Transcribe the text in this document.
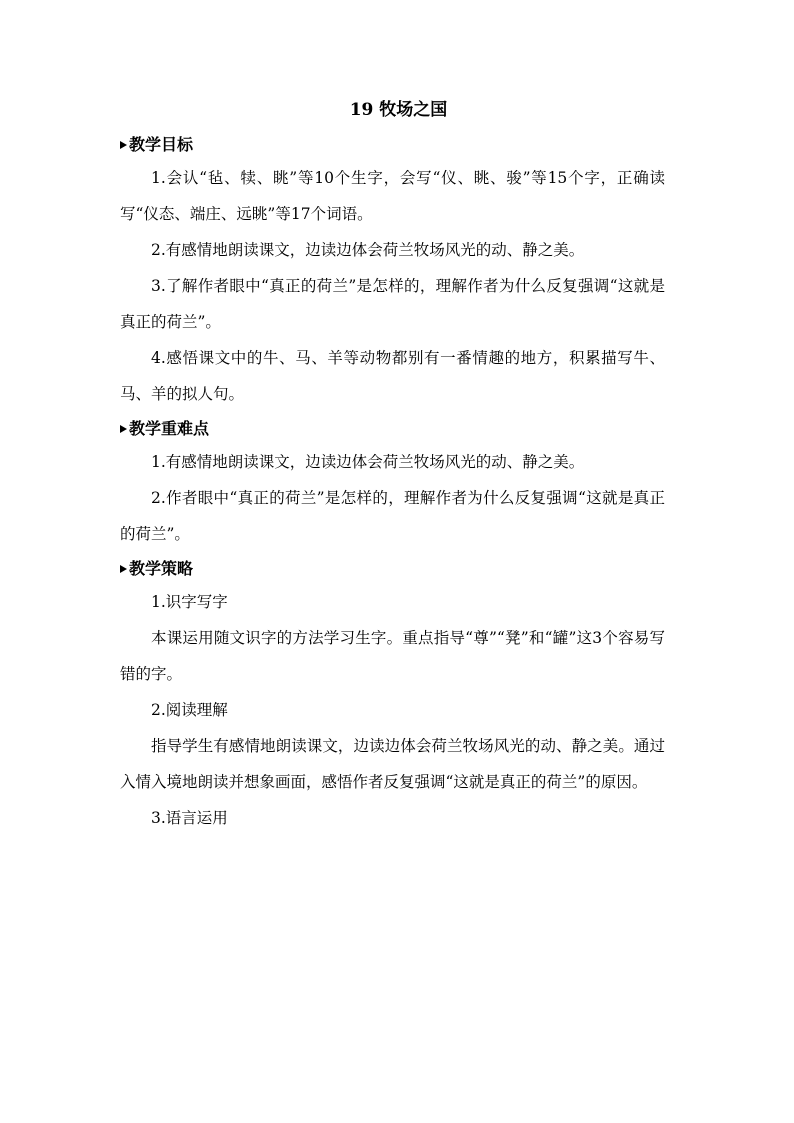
19 牧场之国
教学目标

1.会认“毡、犊、眺”等10个生字，会写“仪、眺、骏”等15个字，正确读写“仪态、端庄、远眺”等17个词语。

2.有感情地朗读课文，边读边体会荷兰牧场风光的动、静之美。

3.了解作者眼中“真正的荷兰”是怎样的，理解作者为什么反复强调“这就是真正的荷兰”。

4.感悟课文中的牛、马、羊等动物都别有一番情趣的地方，积累描写牛、马、羊的拟人句。

教学重难点

1.有感情地朗读课文，边读边体会荷兰牧场风光的动、静之美。

2.作者眼中“真正的荷兰”是怎样的，理解作者为什么反复强调“这就是真正的荷兰”。

教学策略

1.识字写字

本课运用随文识字的方法学习生字。重点指导“尊”“凳”和“罐”这3个容易写错的字。

2.阅读理解

指导学生有感情地朗读课文，边读边体会荷兰牧场风光的动、静之美。通过入情入境地朗读并想象画面，感悟作者反复强调“这就是真正的荷兰”的原因。

3.语言运用
